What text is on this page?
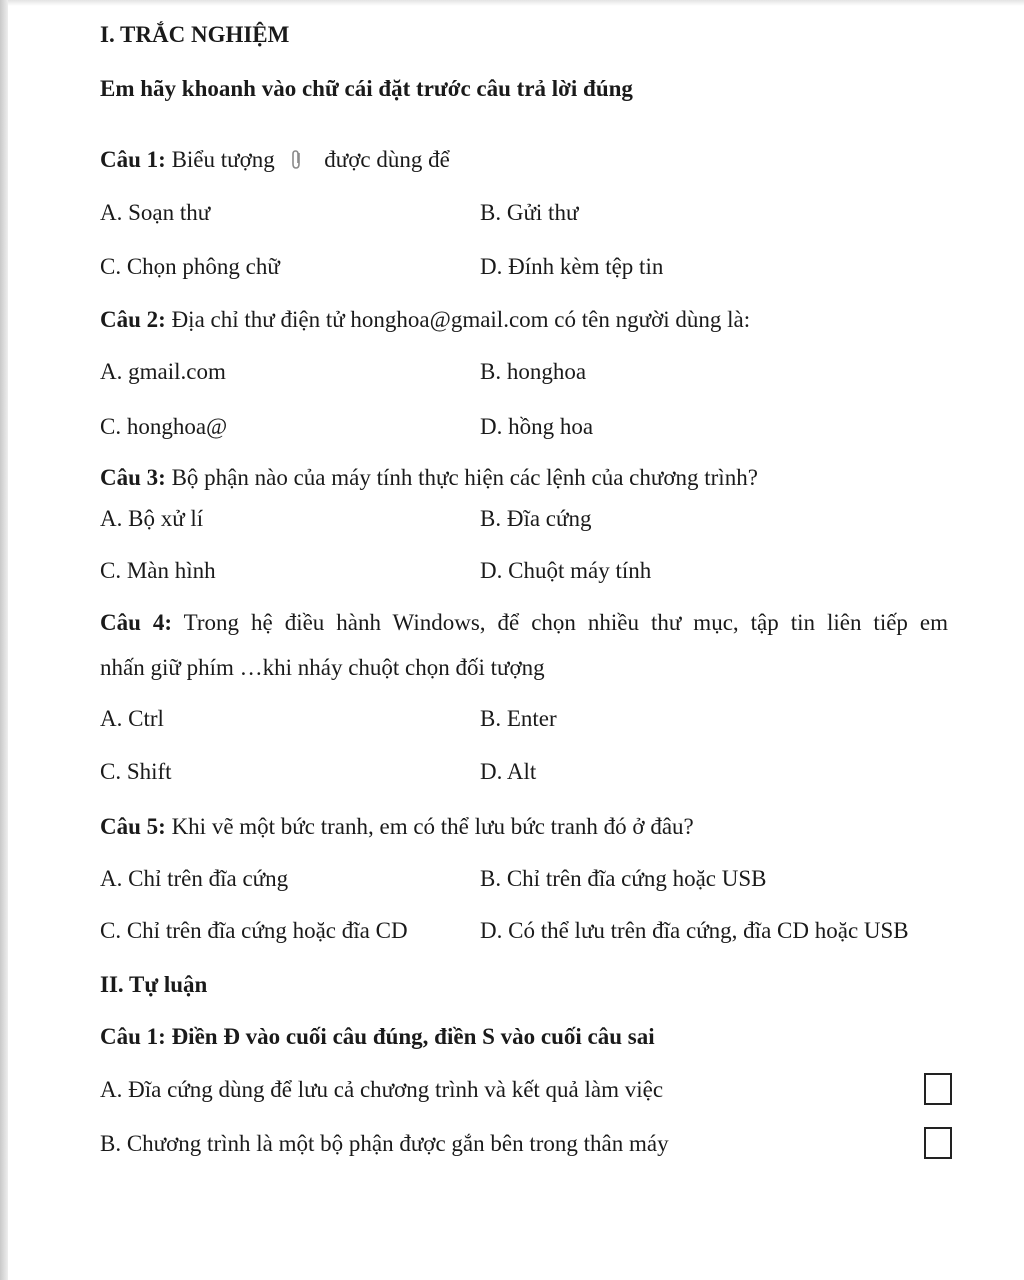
I. TRẮC NGHIỆM
Em hãy khoanh vào chữ cái đặt trước câu trả lời đúng
Câu 1: Biểu tượng được dùng để
A. Soạn thư	B. Gửi thư
C. Chọn phông chữ	D. Đính kèm tệp tin
Câu 2: Địa chỉ thư điện tử honghoa@gmail.com có tên người dùng là:
A. gmail.com	B. honghoa
C. honghoa@	D. hồng hoa
Câu 3: Bộ phận nào của máy tính thực hiện các lệnh của chương trình?
A. Bộ xử lí	B. Đĩa cứng
C. Màn hình	D. Chuột máy tính
Câu 4: Trong hệ điều hành Windows, để chọn nhiều thư mục, tập tin liên tiếp em
nhấn giữ phím …khi nháy chuột chọn đối tượng
A. Ctrl	B. Enter
C. Shift	D. Alt
Câu 5: Khi vẽ một bức tranh, em có thể lưu bức tranh đó ở đâu?
A. Chỉ trên đĩa cứng	B. Chỉ trên đĩa cứng hoặc USB
C. Chỉ trên đĩa cứng hoặc đĩa CD	D. Có thể lưu trên đĩa cứng, đĩa CD hoặc USB
II. Tự luận
Câu 1: Điền Đ vào cuối câu đúng, điền S vào cuối câu sai
A. Đĩa cứng dùng để lưu cả chương trình và kết quả làm việc
B. Chương trình là một bộ phận được gắn bên trong thân máy
